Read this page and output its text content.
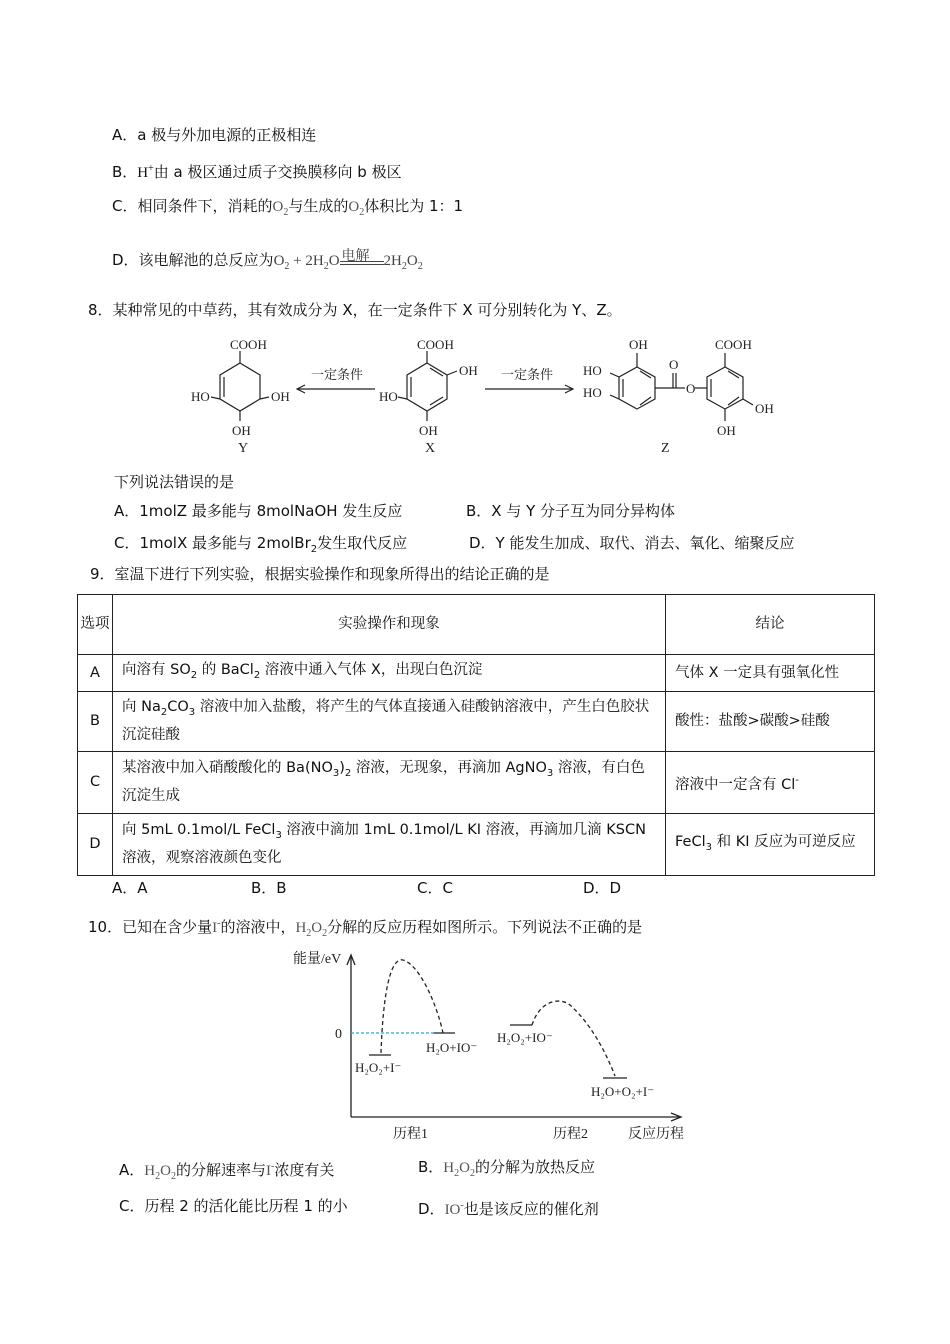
A．a 极与外加电源的正极相连
B．H+由 a 极区通过质子交换膜移向 b 极区
C．相同条件下，消耗的$O_2$与生成的$O_2$体积比为 1：1
D．该电解池的总反应为$O_2 + 2H_2O$ 电解 $2H_2O_2$
8．某种常见的中草药，其有效成分为 X，在一定条件下 X 可分别转化为 Y、Z。
COOH
HO	OH
OH
Y
一定条件
COOH
OH
HO
OH
X
一定条件
OH
HO
HO
O
O
COOH
OH
OH
Z
下列说法错误的是
A．1molZ 最多能与 8molNaOH 发生反应	B．X 与 Y 分子互为同分异构体
C．1molX 最多能与 2molBr$_2$发生取代反应	D．Y 能发生加成、取代、消去、氧化、缩聚反应
9．室温下进行下列实验，根据实验操作和现象所得出的结论正确的是
选项	实验操作和现象	结论
A	向溶有 $SO_2$ 的 BaCl$_2$ 溶液中通入气体 X，出现白色沉淀	气体 X 一定具有强氧化性
B	向 $Na_2CO_3$ 溶液中加入盐酸，将产生的气体直接通入硅酸钠溶液中，产生白色胶状沉淀硅酸	酸性：盐酸>碳酸>硅酸
C	某溶液中加入硝酸酸化的 $Ba(NO_3)_2$ 溶液，无现象，再滴加 AgNO$_3$ 溶液，有白色沉淀生成	溶液中一定含有 Cl-
D	向 5mL 0.1mol/L FeCl$_3$ 溶液中滴加 1mL 0.1mol/L KI 溶液，再滴加几滴 KSCN 溶液，观察溶液颜色变化	FeCl$_3$ 和 KI 反应为可逆反应
A．A	B．B	C．C	D．D
10．已知在含少量I-的溶液中，$H_2O_2$分解的反应历程如图所示。下列说法不正确的是
能量/eV
0
H₂O₂+I⁻
H₂O+IO⁻
H₂O₂+IO⁻
H₂O+O₂+I⁻
历程1	历程2	反应历程
A．$H_2O_2$的分解速率与I-浓度有关	B．$H_2O_2$的分解为放热反应
C．历程 2 的活化能比历程 1 的小	D．IO-也是该反应的催化剂
